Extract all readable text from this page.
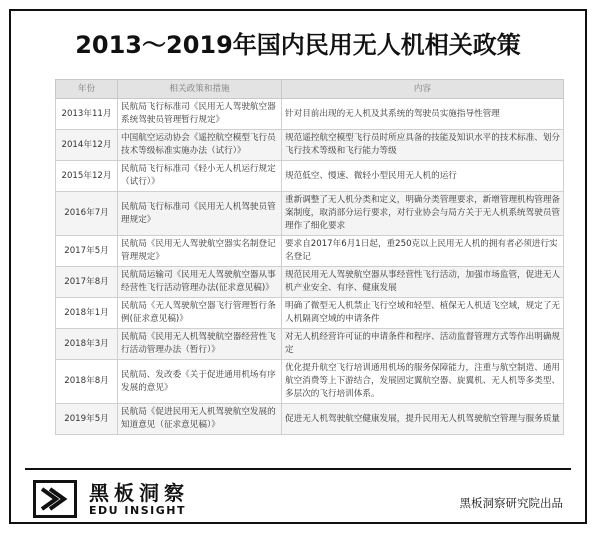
2013～2019年国内民用无人机相关政策
年份	相关政策和措施	内容
2013年11月	民航局飞行标准司《民用无人驾驶航空器系统驾驶员管理暂行规定》	针对目前出现的无人机及其系统的驾驶员实施指导性管理
2014年12月	中国航空运动协会《遥控航空模型飞行员技术等级标准实施办法（试行）》	规范遥控航空模型飞行员时所应具备的技能及知识水平的技术标准、划分飞行技术等级和飞行能力等级
2015年12月	民航局飞行标准司《轻小无人机运行规定（试行）》	规范低空、慢速、微轻小型民用无人机的运行
2016年7月	民航局飞行标准司《民用无人机驾驶员管理规定》	重新调整了无人机分类和定义，明确分类管理要求，新增管理机构管理备案制度，取消部分运行要求，对行业协会与局方关于无人机系统驾驶员管理作了细化要求
2017年5月	民航局《民用无人驾驶航空器实名制登记管理规定》	要求自2017年6月1日起，重250克以上民用无人机的拥有者必须进行实名登记
2017年8月	民航局运输司《民用无人驾驶航空器从事经营性飞行活动管理办法(征求意见稿)》	规范民用无人驾驶航空器从事经营性飞行活动，加强市场监管，促进无人机产业安全、有序、健康发展
2018年1月	民航局《无人驾驶航空器飞行管理暂行条例(征求意见稿)》	明确了微型无人机禁止飞行空域和轻型、植保无人机适飞空域，规定了无人机隔离空域的申请条件
2018年3月	民航局《民用无人机驾驶航空器经营性飞行活动管理办法（暂行）》	对无人机经营许可证的申请条件和程序、活动监督管理方式等作出明确规定
2018年8月	民航局、发改委《关于促进通用机场有序发展的意见》	优化提升航空飞行培训通用机场的服务保障能力，注重与航空制造、通用航空消费等上下游结合，发展固定翼航空器、旋翼机、无人机等多类型、多层次的飞行培训体系。
2019年5月	民航局《促进民用无人机驾驶航空发展的知道意见（征求意见稿）》	促进无人机驾驶航空健康发展，提升民用无人机驾驶航空管理与服务质量
黑板洞察
EDU INSIGHT
黑板洞察研究院出品
